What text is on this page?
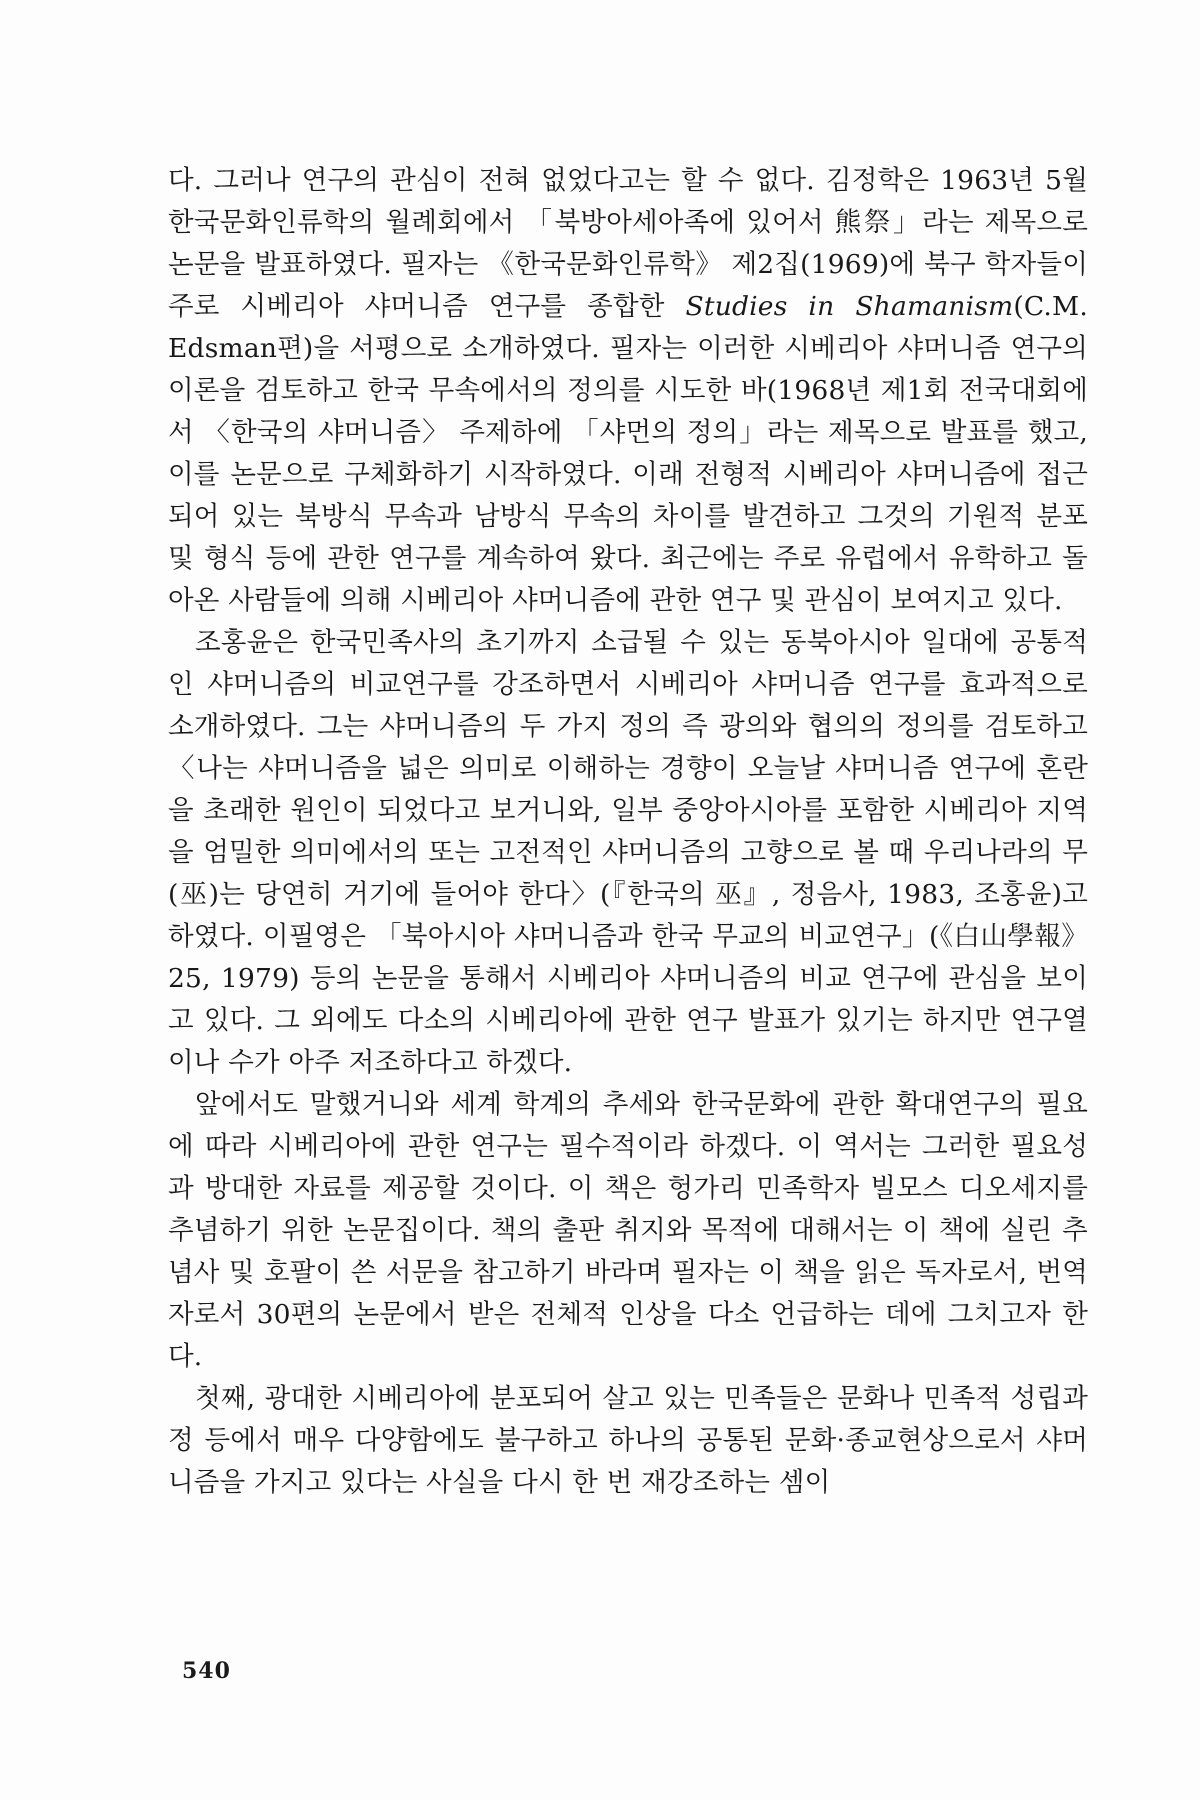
다. 그러나 연구의 관심이 전혀 없었다고는 할 수 없다. 김정학은 1963년 5월 한국문화인류학의 월례회에서 「북방아세아족에 있어서 熊祭」라는 제목으로 논문을 발표하였다. 필자는 《한국문화인류학》 제2집(1969)에 북구 학자들이 주로 시베리아 샤머니즘 연구를 종합한 Studies in Shamanism(C.M. Edsman편)을 서평으로 소개하였다. 필자는 이러한 시베리아 샤머니즘 연구의 이론을 검토하고 한국 무속에서의 정의를 시도한 바(1968년 제1회 전국대회에서 〈한국의 샤머니즘〉 주제하에 「샤먼의 정의」라는 제목으로 발표를 했고, 이를 논문으로 구체화하기 시작하였다. 이래 전형적 시베리아 샤머니즘에 접근되어 있는 북방식 무속과 남방식 무속의 차이를 발견하고 그것의 기원적 분포 및 형식 등에 관한 연구를 계속하여 왔다. 최근에는 주로 유럽에서 유학하고 돌아온 사람들에 의해 시베리아 샤머니즘에 관한 연구 및 관심이 보여지고 있다.

조홍윤은 한국민족사의 초기까지 소급될 수 있는 동북아시아 일대에 공통적인 샤머니즘의 비교연구를 강조하면서 시베리아 샤머니즘 연구를 효과적으로 소개하였다. 그는 샤머니즘의 두 가지 정의 즉 광의와 협의의 정의를 검토하고 〈나는 샤머니즘을 넓은 의미로 이해하는 경향이 오늘날 샤머니즘 연구에 혼란을 초래한 원인이 되었다고 보거니와, 일부 중앙아시아를 포함한 시베리아 지역을 엄밀한 의미에서의 또는 고전적인 샤머니즘의 고향으로 볼 때 우리나라의 무(巫)는 당연히 거기에 들어야 한다〉(『한국의 巫』, 정음사, 1983, 조홍윤)고 하였다. 이필영은 「북아시아 샤머니즘과 한국 무교의 비교연구」(《白山學報》25, 1979) 등의 논문을 통해서 시베리아 샤머니즘의 비교 연구에 관심을 보이고 있다. 그 외에도 다소의 시베리아에 관한 연구 발표가 있기는 하지만 연구열이나 수가 아주 저조하다고 하겠다.

앞에서도 말했거니와 세계 학계의 추세와 한국문화에 관한 확대연구의 필요에 따라 시베리아에 관한 연구는 필수적이라 하겠다. 이 역서는 그러한 필요성과 방대한 자료를 제공할 것이다. 이 책은 헝가리 민족학자 빌모스 디오세지를 추념하기 위한 논문집이다. 책의 출판 취지와 목적에 대해서는 이 책에 실린 추념사 및 호팔이 쓴 서문을 참고하기 바라며 필자는 이 책을 읽은 독자로서, 번역자로서 30편의 논문에서 받은 전체적 인상을 다소 언급하는 데에 그치고자 한다.

첫째, 광대한 시베리아에 분포되어 살고 있는 민족들은 문화나 민족적 성립과정 등에서 매우 다양함에도 불구하고 하나의 공통된 문화·종교현상으로서 샤머니즘을 가지고 있다는 사실을 다시 한 번 재강조하는 셈이

540
